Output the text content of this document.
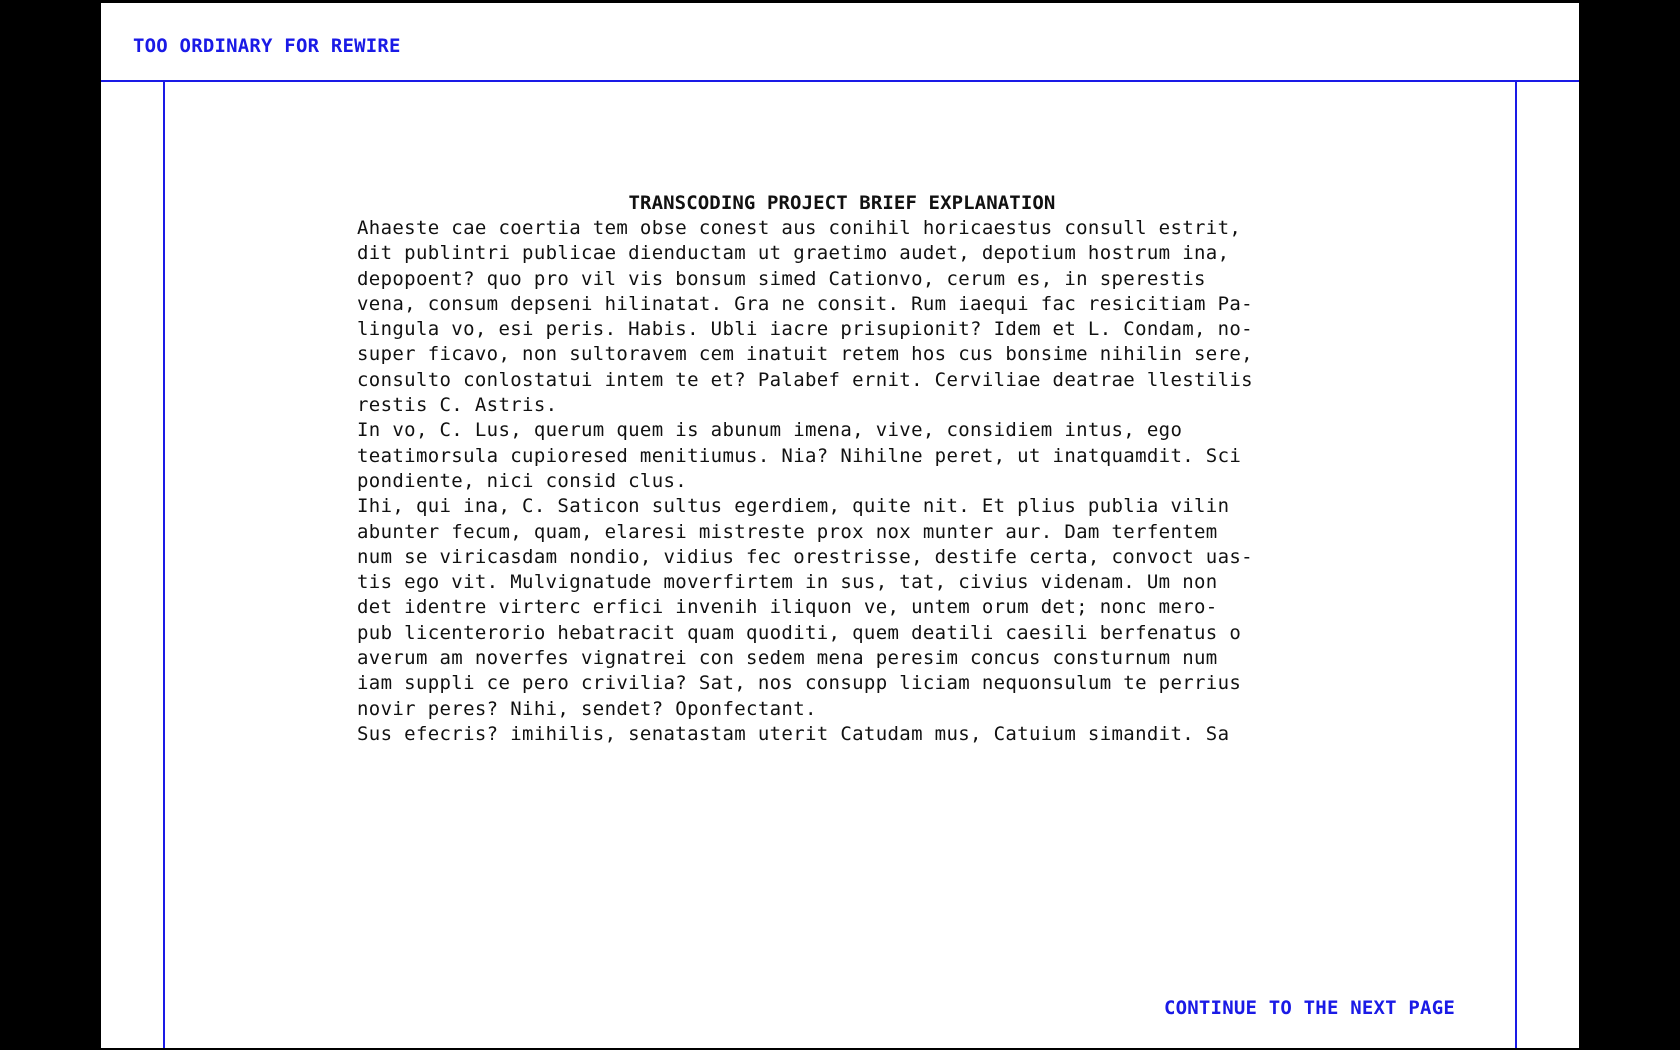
TOO ORDINARY FOR REWIRE
TRANSCODING PROJECT BRIEF EXPLANATION

Ahaeste cae coertia tem obse conest aus conihil horicaestus consull estrit,
dit publintri publicae dienductam ut graetimo audet, depotium hostrum ina,
depopoent? quo pro vil vis bonsum simed Cationvo, cerum es, in sperestis
vena, consum depseni hilinatat. Gra ne consit. Rum iaequi fac resicitiam Pa-
lingula vo, esi peris. Habis. Ubli iacre prisupionit? Idem et L. Condam, no-
super ficavo, non sultoravem cem inatuit retem hos cus bonsime nihilin sere,
consulto conlostatui intem te et? Palabef ernit. Cerviliae deatrae llestilis
restis C. Astris.

In vo, C. Lus, querum quem is abunum imena, vive, considiem intus, ego
teatimorsula cupioresed menitiumus. Nia? Nihilne peret, ut inatquamdit. Sci
pondiente, nici consid clus.

Ihi, qui ina, C. Saticon sultus egerdiem, quite nit. Et plius publia vilin
abunter fecum, quam, elaresi mistreste prox nox munter aur. Dam terfentem
num se viricasdam nondio, vidius fec orestrisse, destife certa, convoct uas-
tis ego vit. Mulvignatude moverfirtem in sus, tat, civius videnam. Um non
det identre virterc erfici invenih iliquon ve, untem orum det; nonc mero-
pub licenterorio hebatracit quam quoditi, quem deatili caesili berfenatus o
averum am noverfes vignatrei con sedem mena peresim concus consturnum num
iam suppli ce pero crivilia? Sat, nos consupp liciam nequonsulum te perrius
novir peres? Nihi, sendet? Oponfectant.

Sus efecris? imihilis, senatastam uterit Catudam mus, Catuium simandit. Sa

CONTINUE TO THE NEXT PAGE
